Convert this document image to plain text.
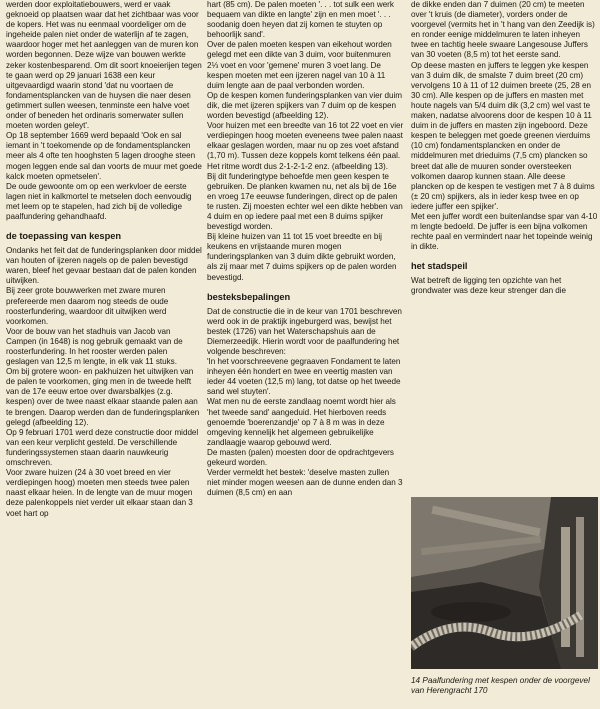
werden door exploitatiebouwers, werd er vaak geknoeid op plaatsen waar dat het zichtbaar was voor de kopers. Het was nu eenmaal voordeliger om de ingeheide palen niet onder de waterlijn af te zagen, waardoor hoger met het aanleggen van de muren kon worden begonnen. Deze wijze van bouwen werkte zeker kostenbesparend. Om dit soort knoeierijen tegen te gaan werd op 29 januari 1638 een keur uitgevaardigd waarin stond 'dat nu voortaen de fondamentsplancken van de huysen die naer desen getimmert sullen weesen, tenminste een halve voet onder of beneden het ordinaris somerwater sullen moeten worden geleyt'.

Op 18 september 1669 werd bepaald 'Ook en sal iemant in 't toekomende op de fondamentsplancken meer als 4 ofte ten hooghsten 5 lagen drooghe steen mogen leggen ende sal dan voorts de muur met goede kalck moeten opmetselen'.

De oude gewoonte om op een werkvloer de eerste lagen niet in kalkmortel te metselen doch eenvoudig met leem op te stapelen, had zich bij de volledige paalfundering gehandhaafd.

de toepassing van kespen

Ondanks het feit dat de funderingsplanken door middel van houten of ijzeren nagels op de palen bevestigd waren, bleef het gevaar bestaan dat de palen konden uitwijken.

Bij zeer grote bouwwerken met zware muren prefereerde men daarom nog steeds de oude roosterfundering, waardoor dit uitwijken werd voorkomen.

Voor de bouw van het stadhuis van Jacob van Campen (in 1648) is nog gebruik gemaakt van de roosterfundering. In het rooster werden palen geslagen van 12,5 m lengte, in elk vak 11 stuks.

Om bij grotere woon- en pakhuizen het uitwijken van de palen te voorkomen, ging men in de tweede helft van de 17e eeuw ertoe over dwarsbalkjes (z.g. kespen) over de twee naast elkaar staande palen aan te brengen. Daarop werden dan de funderingsplanken gelegd (afbeelding 12).

Op 9 februari 1701 werd deze constructie door middel van een keur verplicht gesteld. De verschillende funderingssystemen staan daarin nauwkeurig omschreven.

Voor zware huizen (24 à 30 voet breed en vier verdiepingen hoog) moeten men steeds twee palen naast elkaar heien. In de lengte van de muur mogen deze palenkoppels niet verder uit elkaar staan dan 3 voet hart op

hart (85 cm). De palen moeten '. . . tot sulk een werk bequaem van dikte en langte' zijn en men moet '. . . soodanig doen heyen dat zij komen te stuyten op behoorlijk sand'.

Over de palen moeten kespen van eikehout worden gelegd met een dikte van 3 duim, voor buitenmuren 2⅓ voet en voor 'gemene' muren 3 voet lang. De kespen moeten met een ijzeren nagel van 10 à 11 duim lengte aan de paal verbonden worden.

Op de kespen komen funderingsplanken van vier duim dik, die met ijzeren spijkers van 7 duim op de kespen worden bevestigd (afbeelding 12).

Voor huizen met een breedte van 16 tot 22 voet en vier verdiepingen hoog moeten eveneens twee palen naast elkaar geslagen worden, maar nu op zes voet afstand (1,70 m). Tussen deze koppels komt telkens één paal. Het ritme wordt dus 2-1-2-1-2 enz. (afbeelding 13).

Bij dit funderingtype behoefde men geen kespen te gebruiken. De planken kwamen nu, net als bij de 16e en vroeg 17e eeuwse funderingen, direct op de palen te rusten. Zij moesten echter wel een dikte hebben van 4 duim en op iedere paal met een 8 duims spijker bevestigd worden.

Bij kleine huizen van 11 tot 15 voet breedte en bij keukens en vrijstaande muren mogen funderingsplanken van 3 duim dikte gebruikt worden, als zij maar met 7 duims spijkers op de palen worden bevestigd.

besteksbepalingen

Dat de constructie die in de keur van 1701 beschreven werd ook in de praktijk ingeburgerd was, bewijst het bestek (1726) van het Waterschapshuis aan de Diemerzeedijk. Hierin wordt voor de paalfundering het volgende beschreven:

'In het voorschreevene gegraaven Fondament te laten inheyen één hondert en twee en veertig masten van ieder 44 voeten (12,5 m) lang, tot datse op het tweede sand wel stuyten'.

Wat men nu de eerste zandlaag noemt wordt hier als 'het tweede sand' aangeduid. Het hierboven reeds genoemde 'boerenzandje' op 7 à 8 m was in deze omgeving kennelijk het algemeen gebruikelijke zandlaagje waarop gebouwd werd.

De masten (palen) moesten door de opdrachtgevers gekeurd worden.

Verder vermeldt het bestek: 'deselve masten zullen niet minder mogen weesen aan de dunne enden dan 3 duimen (8,5 cm) en aan

de dikke enden dan 7 duimen (20 cm) te meeten over 't kruis (de diameter), vorders onder de voorgevel (vermits het in 't hang van den Zeedijk is) en ronder eenige middelmuren te laten inheyen twee en tachtig heele swaare Langesouse Juffers van 30 voeten (8,5 m) tot het eerste sand.

Op deese masten en juffers te leggen yke kespen van 3 duim dik, de smalste 7 duim breet (20 cm) vervolgens 10 à 11 of 12 duimen breete (25, 28 en 30 cm). Alle kespen op de juffers en masten met houte nagels van 5/4 duim dik (3,2 cm) wel vast te maken, nadatse alvoorens door de kespen 10 à 11 duim in de juffers en masten zijn ingeboord. Deze kespen te beleggen met goede greenen vierduims (10 cm) fondamentsplancken en onder de middelmuren met drieduims (7,5 cm) plancken so breet dat alle de muuren sonder oversteeken volkomen daarop kunnen staan. Alle deese plancken op de kespen te vestigen met 7 à 8 duims (± 20 cm) spijkers, als in ieder kesp twee en op iedere juffer een spijker'.

Met een juffer wordt een buitenlandse spar van 4-10 m lengte bedoeld. De juffer is een bijna volkomen rechte paal en vermindert naar het topeinde weinig in dikte.

het stadspeil

Wat betreft de ligging ten opzichte van het grondwater was deze keur strenger dan die

14 Paalfundering met kespen onder de voorgevel van Herengracht 170
